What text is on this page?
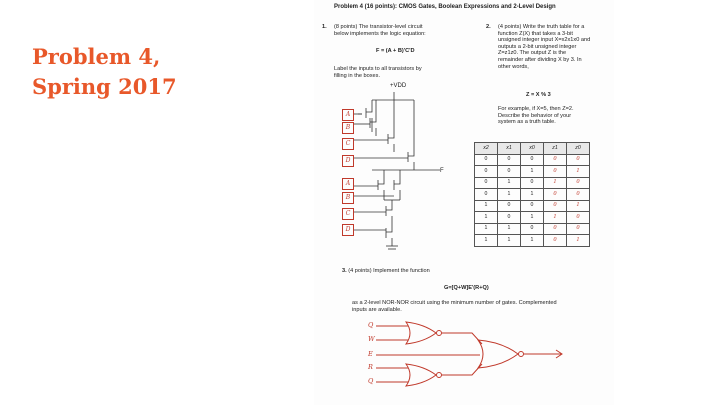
Problem 4,
Spring 2017
Problem 4 (16 points): CMOS Gates, Boolean Expressions and 2-Level Design
1. (8 points) The transistor-level circuit

below implements the logic equation:

F = (A + B)'C'D

Label the inputs to all transistors by

filling in the boxes.

+VDD
F
A
B
C
D
A
B
C
D
2. (4 points) Write the truth table for a

function Z(X) that takes a 3-bit

unsigned integer input X=x2x1x0 and

outputs a 2-bit unsigned integer

Z=z1z0. The output Z is the

remainder after dividing X by 3. In

other words,

Z = X % 3

For example, if X=5, then Z=2.

Describe the behavior of your

system as a truth table.

x2	x1	x0	z1	z0
0	0	0	0	0
0	0	1	0	1
0	1	0	1	0
0	1	1	0	0
1	0	0	0	1
1	0	1	1	0
1	1	0	0	0
1	1	1	0	1
3. (4 points) Implement the function
G=[Q+W]E'(R+Q)

as a 2-level NOR-NOR circuit using the minimum number of gates. Complemented

inputs are available.

Q
W
E
R
Q
